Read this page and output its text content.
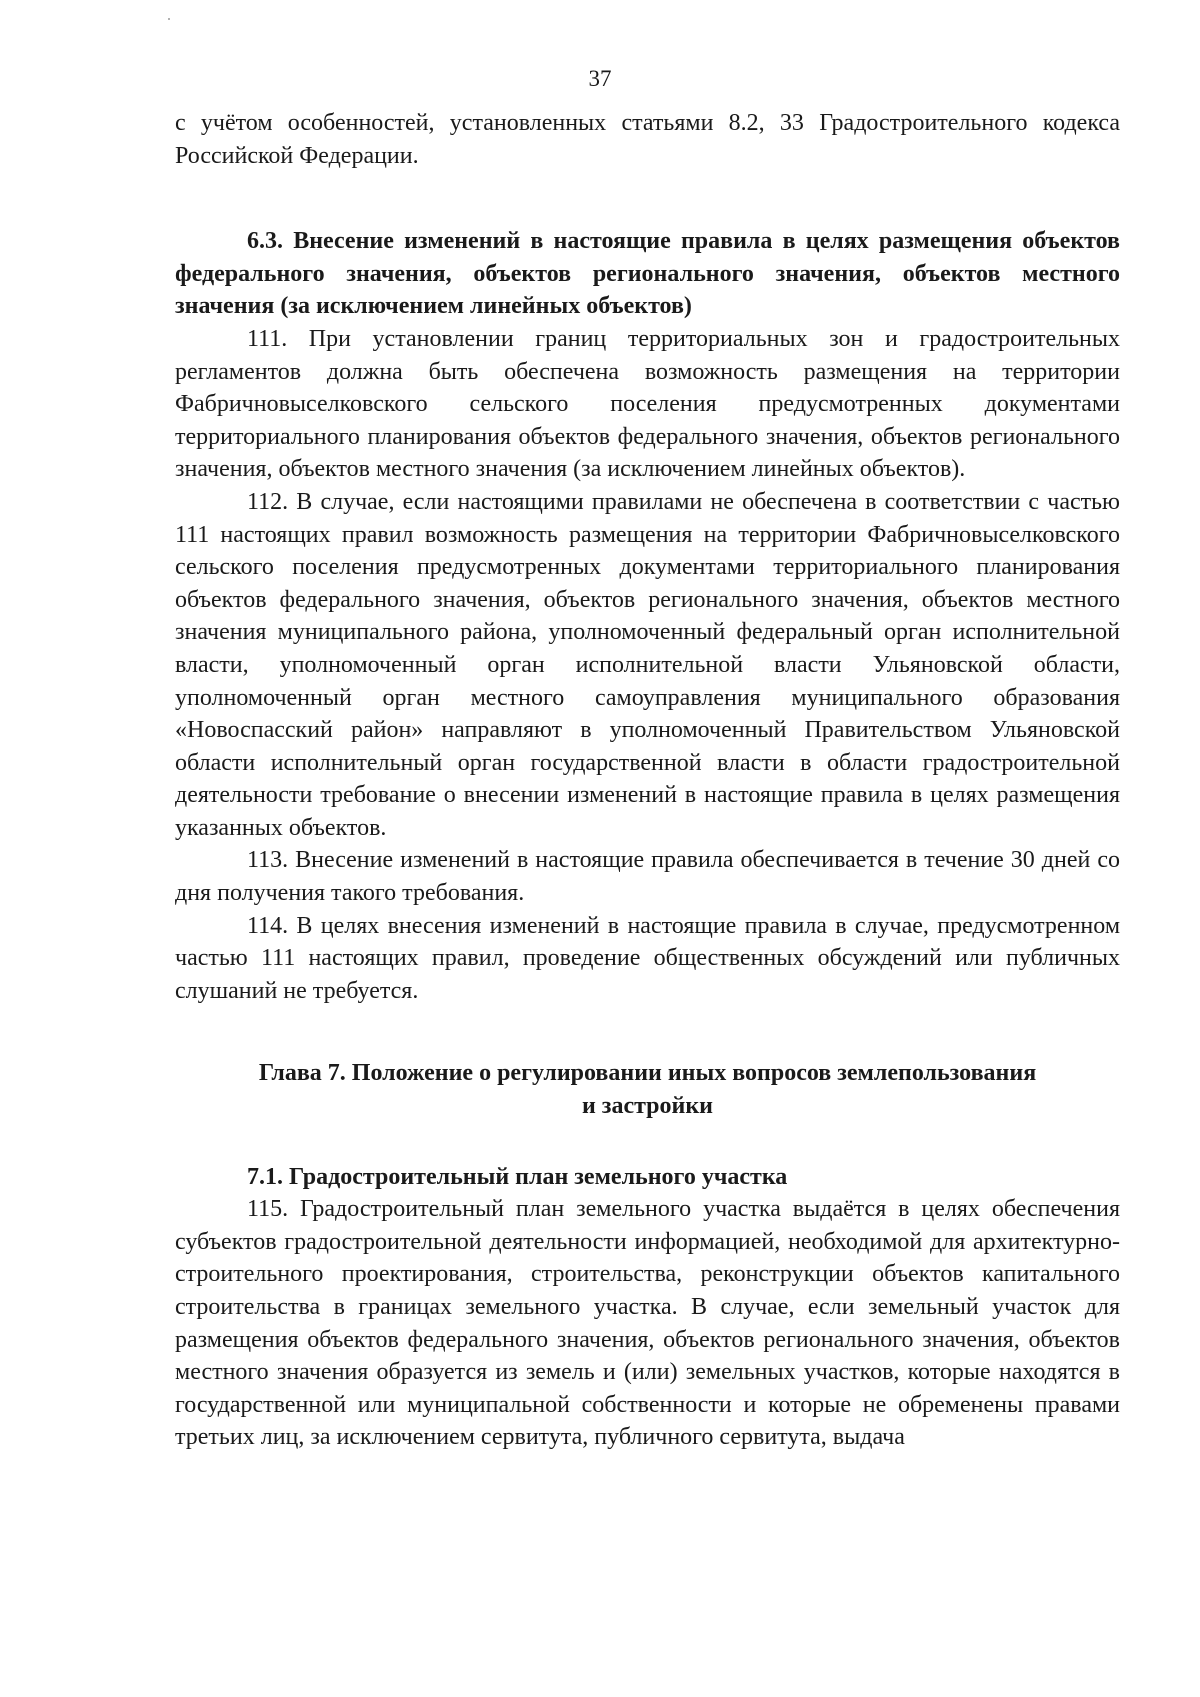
37

с учётом особенностей, установленных статьями 8.2, 33 Градостроительного кодекса Российской Федерации.

6.3. Внесение изменений в настоящие правила в целях размещения объектов федерального значения, объектов регионального значения, объектов местного значения (за исключением линейных объектов)

111. При установлении границ территориальных зон и градостроительных регламентов должна быть обеспечена возможность размещения на территории Фабричновыселковского сельского поселения предусмотренных документами территориального планирования объектов федерального значения, объектов регионального значения, объектов местного значения (за исключением линейных объектов).

112. В случае, если настоящими правилами не обеспечена в соответствии с частью 111 настоящих правил возможность размещения на территории Фабричновыселковского сельского поселения предусмотренных документами территориального планирования объектов федерального значения, объектов регионального значения, объектов местного значения муниципального района, уполномоченный федеральный орган исполнительной власти, уполномоченный орган исполнительной власти Ульяновской области, уполномоченный орган местного самоуправления муниципального образования «Новоспасский район» направляют в уполномоченный Правительством Ульяновской области исполнительный орган государственной власти в области градостроительной деятельности требование о внесении изменений в настоящие правила в целях размещения указанных объектов.

113. Внесение изменений в настоящие правила обеспечивается в течение 30 дней со дня получения такого требования.

114. В целях внесения изменений в настоящие правила в случае, предусмотренном частью 111 настоящих правил, проведение общественных обсуждений или публичных слушаний не требуется.

Глава 7. Положение о регулировании иных вопросов землепользования
и застройки

7.1. Градостроительный план земельного участка

115. Градостроительный план земельного участка выдаётся в целях обеспечения субъектов градостроительной деятельности информацией, необходимой для архитектурно-строительного проектирования, строительства, реконструкции объектов капитального строительства в границах земельного участка. В случае, если земельный участок для размещения объектов федерального значения, объектов регионального значения, объектов местного значения образуется из земель и (или) земельных участков, которые находятся в государственной или муниципальной собственности и которые не обременены правами третьих лиц, за исключением сервитута, публичного сервитута, выдача
